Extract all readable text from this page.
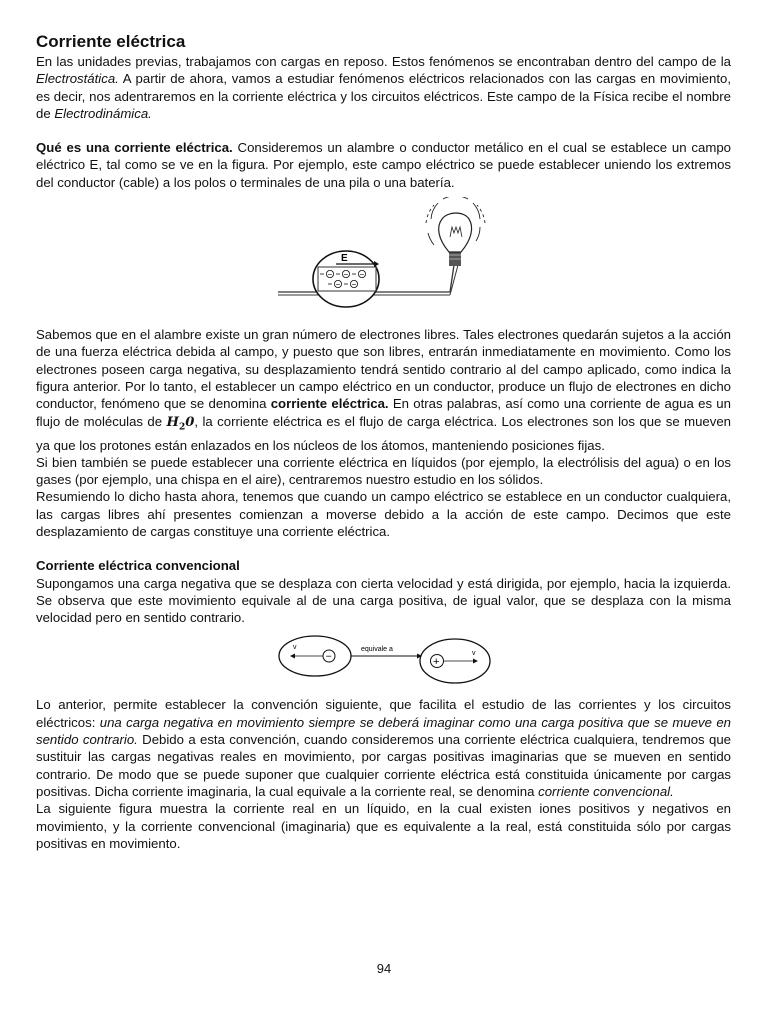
Corriente eléctrica

En las unidades previas, trabajamos con cargas en reposo. Estos fenómenos se encontraban dentro del campo de la Electrostática. A partir de ahora, vamos a estudiar fenómenos eléctricos relacionados con las cargas en movimiento, es decir, nos adentraremos en la corriente eléctrica y los circuitos eléctricos. Este campo de la Física recibe el nombre de Electrodinámica.

Qué es una corriente eléctrica. Consideremos un alambre o conductor metálico en el cual se establece un campo eléctrico E, tal como se ve en la figura. Por ejemplo, este campo eléctrico se puede establecer uniendo los extremos del conductor (cable) a los polos o terminales de una pila o una batería.

E
− − −
− −

Sabemos que en el alambre existe un gran número de electrones libres. Tales electrones quedarán sujetos a la acción de una fuerza eléctrica debida al campo, y puesto que son libres, entrarán inmediatamente en movimiento. Como los electrones poseen carga negativa, su desplazamiento tendrá sentido contrario al del campo aplicado, como indica la figura anterior. Por lo tanto, el establecer un campo eléctrico en un conductor, produce un flujo de electrones en dicho conductor, fenómeno que se denomina corriente eléctrica. En otras palabras, así como una corriente de agua es un flujo de moléculas de $H_20$, la corriente eléctrica es el flujo de carga eléctrica. Los electrones son los que se mueven ya que los protones están enlazados en los núcleos de los átomos, manteniendo posiciones fijas.

Si bien también se puede establecer una corriente eléctrica en líquidos (por ejemplo, la electrólisis del agua) o en los gases (por ejemplo, una chispa en el aire), centraremos nuestro estudio en los sólidos.

Resumiendo lo dicho hasta ahora, tenemos que cuando un campo eléctrico se establece en un conductor cualquiera, las cargas libres ahí presentes comienzan a moverse debido a la acción de este campo. Decimos que este desplazamiento de cargas constituye una corriente eléctrica.

Corriente eléctrica convencional

Supongamos una carga negativa que se desplaza con cierta velocidad y está dirigida, por ejemplo, hacia la izquierda. Se observa que este movimiento equivale al de una carga positiva, de igual valor, que se desplaza con la misma velocidad pero en sentido contrario.

−
v	equivale a
+
v

Lo anterior, permite establecer la convención siguiente, que facilita el estudio de las corrientes y los circuitos eléctricos: una carga negativa en movimiento siempre se deberá imaginar como una carga positiva que se mueve en sentido contrario. Debido a esta convención, cuando consideremos una corriente eléctrica cualquiera, tendremos que sustituir las cargas negativas reales en movimiento, por cargas positivas imaginarias que se mueven en sentido contrario. De modo que se puede suponer que cualquier corriente eléctrica está constituida únicamente por cargas positivas. Dicha corriente imaginaria, la cual equivale a la corriente real, se denomina corriente convencional.

La siguiente figura muestra la corriente real en un líquido, en la cual existen iones positivos y negativos en movimiento, y la corriente convencional (imaginaria) que es equivalente a la real, está constituida sólo por cargas positivas en movimiento.

94
